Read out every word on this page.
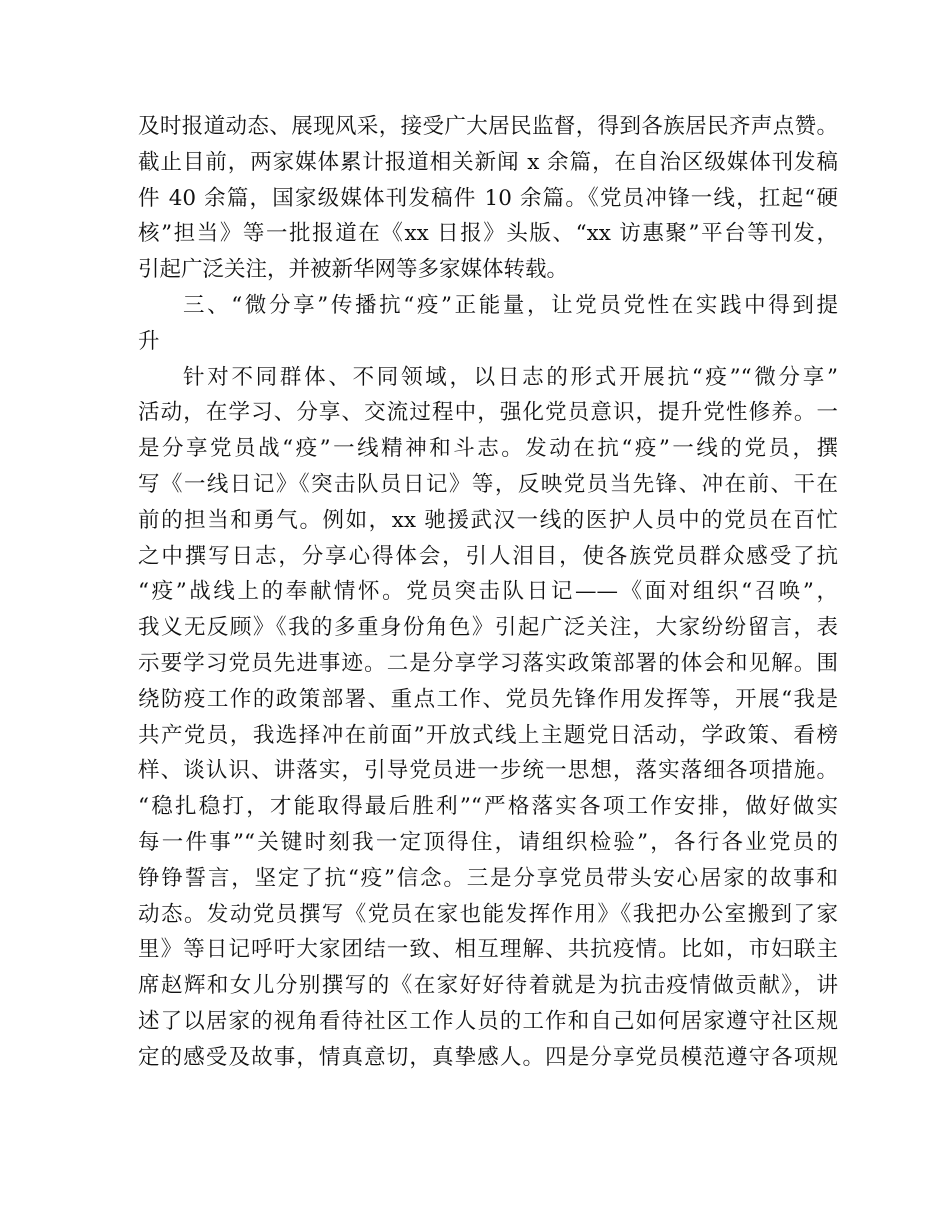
及时报道动态、展现风采，接受广大居民监督，得到各族居民齐声点赞。
截止目前，两家媒体累计报道相关新闻 x 余篇，在自治区级媒体刊发稿
件 40 余篇，国家级媒体刊发稿件 10 余篇。《党员冲锋一线，扛起“硬
核”担当》等一批报道在《xx 日报》头版、“xx 访惠聚”平台等刊发，
引起广泛关注，并被新华网等多家媒体转载。
三、“微分享”传播抗“疫”正能量，让党员党性在实践中得到提
升
针对不同群体、不同领域，以日志的形式开展抗“疫”“微分享”
活动，在学习、分享、交流过程中，强化党员意识，提升党性修养。一
是分享党员战“疫”一线精神和斗志。发动在抗“疫”一线的党员，撰
写《一线日记》《突击队员日记》等，反映党员当先锋、冲在前、干在
前的担当和勇气。例如，xx 驰援武汉一线的医护人员中的党员在百忙
之中撰写日志，分享心得体会，引人泪目，使各族党员群众感受了抗
“疫”战线上的奉献情怀。党员突击队日记——《面对组织“召唤”，
我义无反顾》《我的多重身份角色》引起广泛关注，大家纷纷留言，表
示要学习党员先进事迹。二是分享学习落实政策部署的体会和见解。围
绕防疫工作的政策部署、重点工作、党员先锋作用发挥等，开展“我是
共产党员，我选择冲在前面”开放式线上主题党日活动，学政策、看榜
样、谈认识、讲落实，引导党员进一步统一思想，落实落细各项措施。
“稳扎稳打，才能取得最后胜利”“严格落实各项工作安排，做好做实
每一件事”“关键时刻我一定顶得住，请组织检验”，各行各业党员的
铮铮誓言，坚定了抗“疫”信念。三是分享党员带头安心居家的故事和
动态。发动党员撰写《党员在家也能发挥作用》《我把办公室搬到了家
里》等日记呼吁大家团结一致、相互理解、共抗疫情。比如，市妇联主
席赵辉和女儿分别撰写的《在家好好待着就是为抗击疫情做贡献》，讲
述了以居家的视角看待社区工作人员的工作和自己如何居家遵守社区规
定的感受及故事，情真意切，真挚感人。四是分享党员模范遵守各项规
